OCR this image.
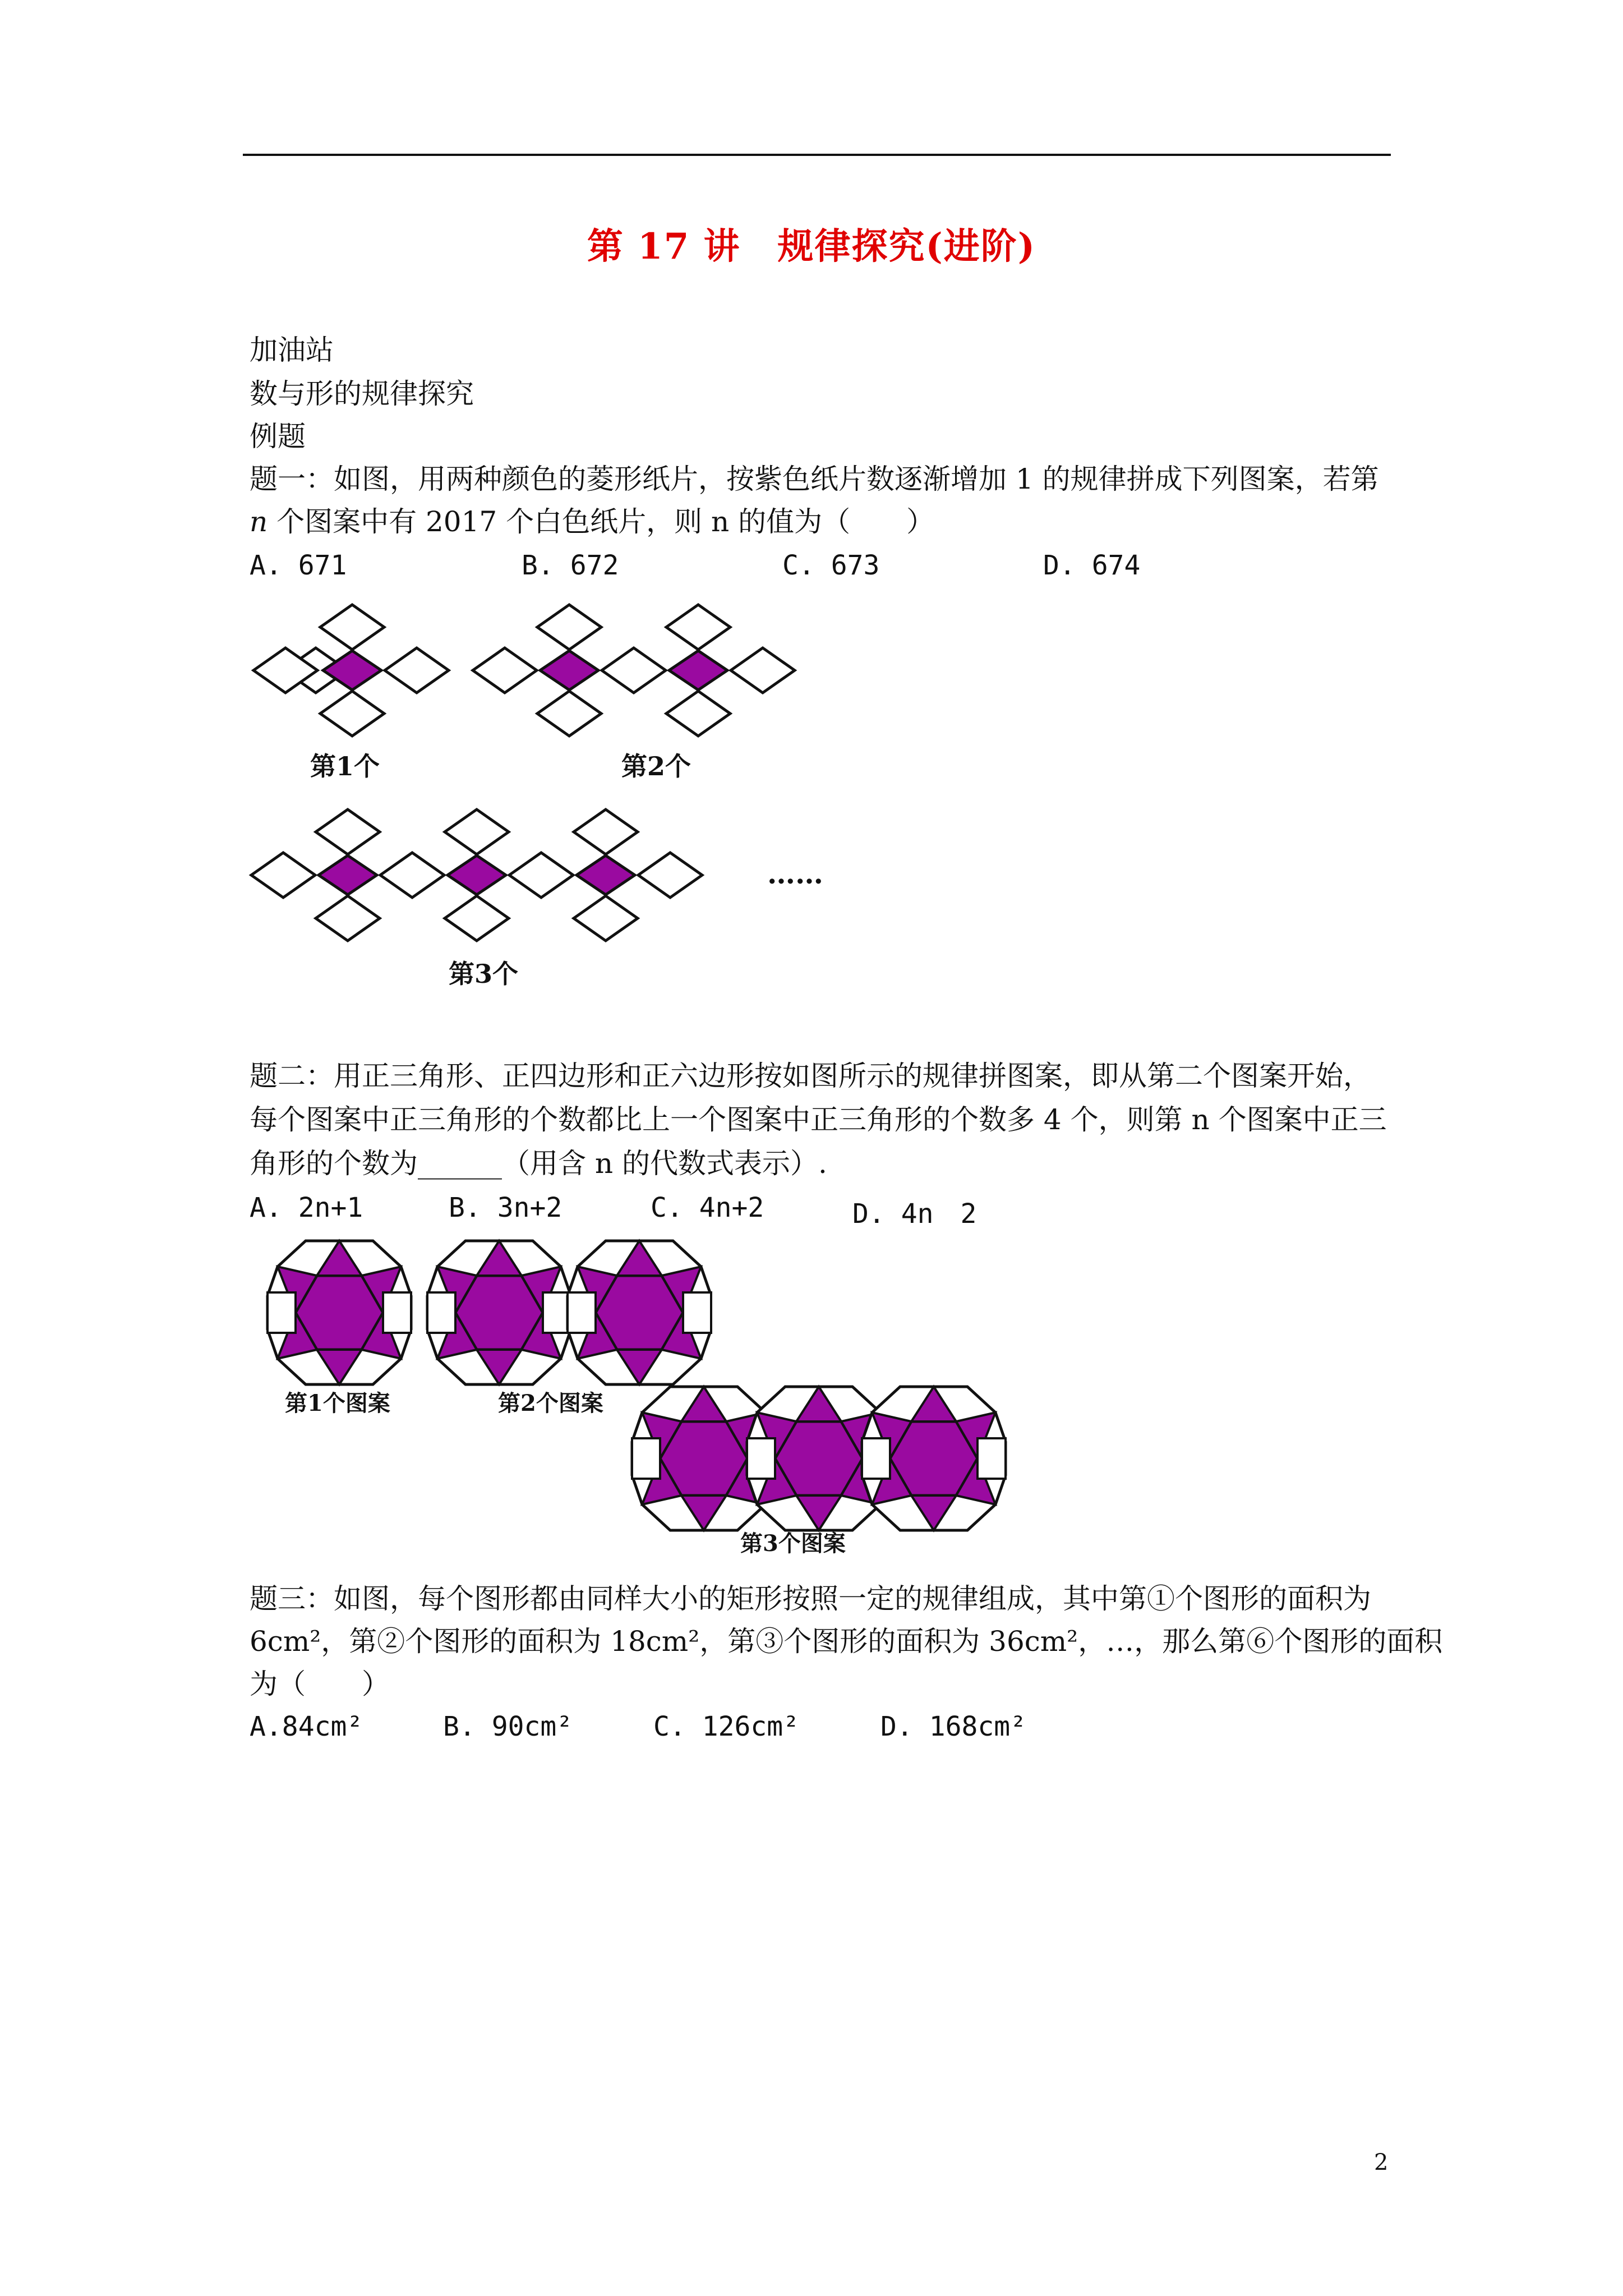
第 17 讲　规律探究(进阶)
加油站
数与形的规律探究
例题
题一：如图，用两种颜色的菱形纸片，按紫色纸片数逐渐增加 1 的规律拼成下列图案，若第
n 个图案中有 2017 个白色纸片，则 n 的值为（　　）
A. 671	B. 672	C. 673	D. 674
第1个	第2个
……
第3个
题二：用正三角形、正四边形和正六边形按如图所示的规律拼图案，即从第二个图案开始，
每个图案中正三角形的个数都比上一个图案中正三角形的个数多 4 个，则第 n 个图案中正三
角形的个数为______（用含 n 的代数式表示）.
A. 2n+1	B. 3n+2	C. 4n+2	D. 4n　2
第1个图案	第2个图案
第3个图案
题三：如图，每个图形都由同样大小的矩形按照一定的规律组成，其中第①个图形的面积为
6cm²，第②个图形的面积为 18cm²，第③个图形的面积为 36cm²，…，那么第⑥个图形的面积
为（　　）
A.84cm²	B. 90cm²	C. 126cm²	D. 168cm²
2
